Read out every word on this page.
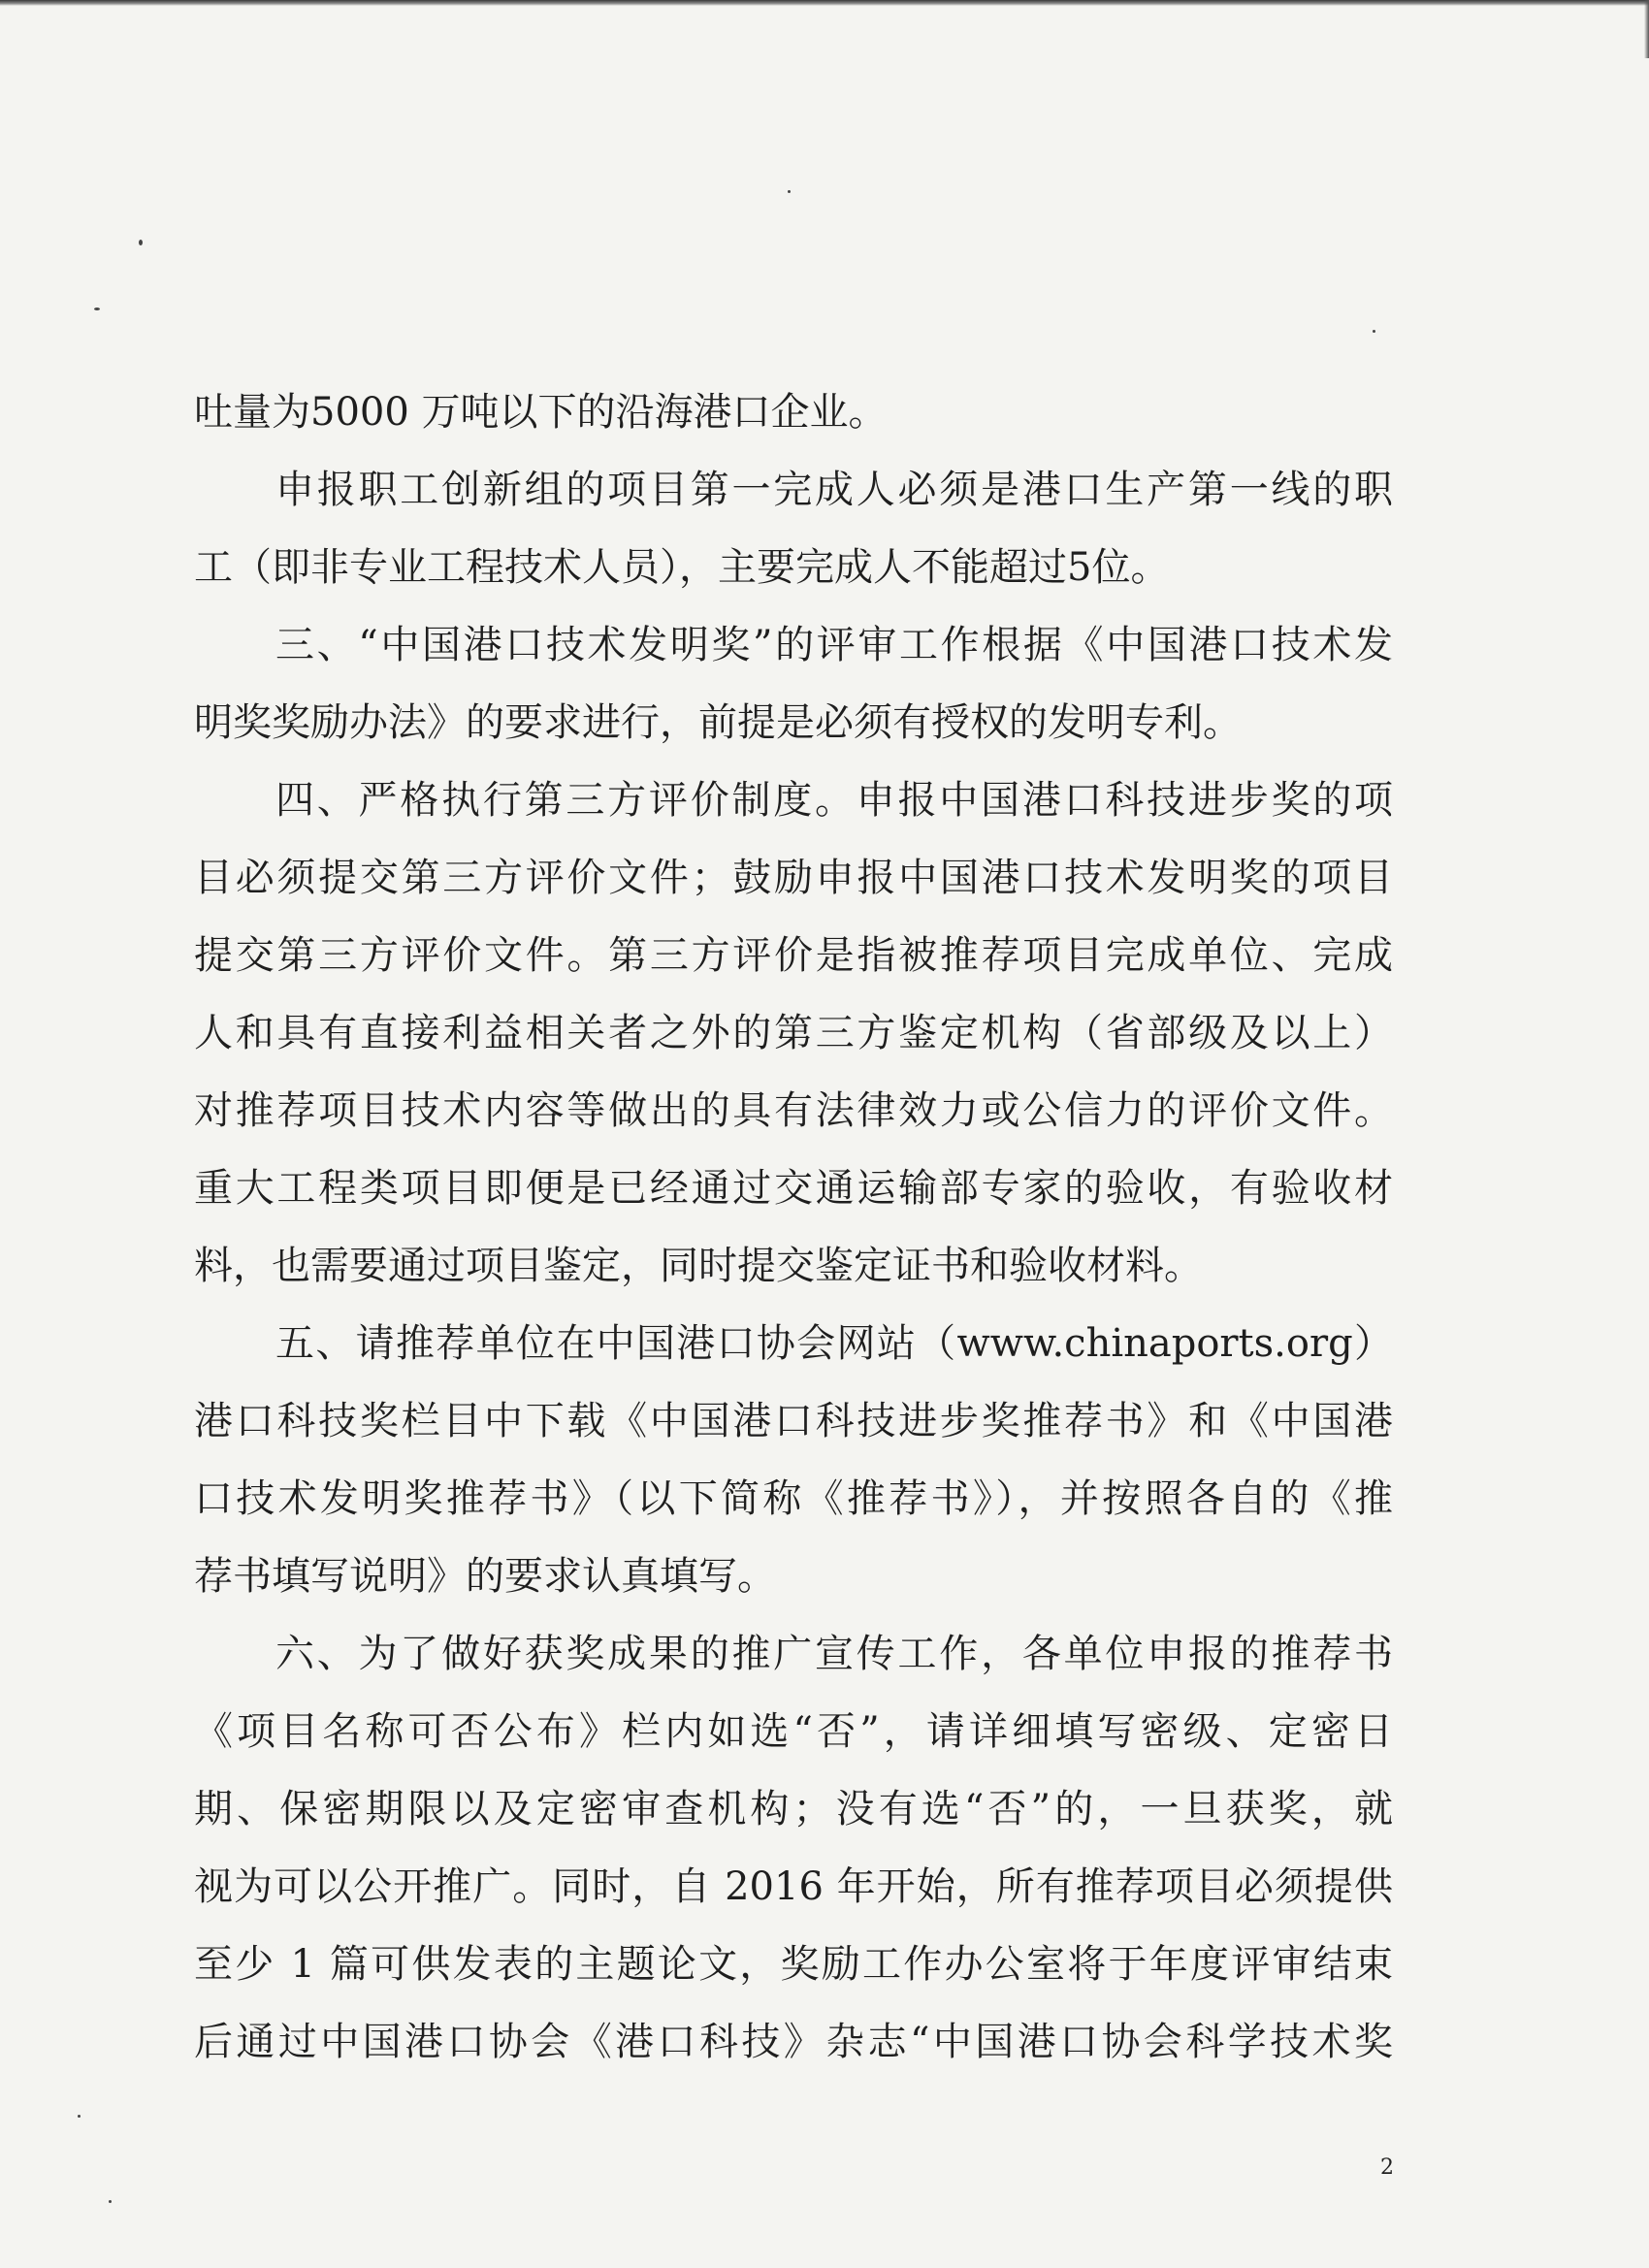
吐量为5000 万吨以下的沿海港口企业。
申报职工创新组的项目第一完成人必须是港口生产第一线的职
工（即非专业工程技术人员），主要完成人不能超过5位。
三、“中国港口技术发明奖”的评审工作根据《中国港口技术发
明奖奖励办法》的要求进行，前提是必须有授权的发明专利。
四、严格执行第三方评价制度。申报中国港口科技进步奖的项
目必须提交第三方评价文件；鼓励申报中国港口技术发明奖的项目
提交第三方评价文件。第三方评价是指被推荐项目完成单位、完成
人和具有直接利益相关者之外的第三方鉴定机构（省部级及以上）
对推荐项目技术内容等做出的具有法律效力或公信力的评价文件。
重大工程类项目即便是已经通过交通运输部专家的验收，有验收材
料，也需要通过项目鉴定，同时提交鉴定证书和验收材料。
五、请推荐单位在中国港口协会网站（www.chinaports.org）
港口科技奖栏目中下载《中国港口科技进步奖推荐书》和《中国港
口技术发明奖推荐书》（以下简称《推荐书》），并按照各自的《推
荐书填写说明》的要求认真填写。
六、为了做好获奖成果的推广宣传工作，各单位申报的推荐书
《项目名称可否公布》栏内如选“否”，请详细填写密级、定密日
期、保密期限以及定密审查机构；没有选“否”的，一旦获奖，就
视为可以公开推广。同时，自 2016 年开始，所有推荐项目必须提供
至少 1 篇可供发表的主题论文，奖励工作办公室将于年度评审结束
后通过中国港口协会《港口科技》杂志“中国港口协会科学技术奖
2
